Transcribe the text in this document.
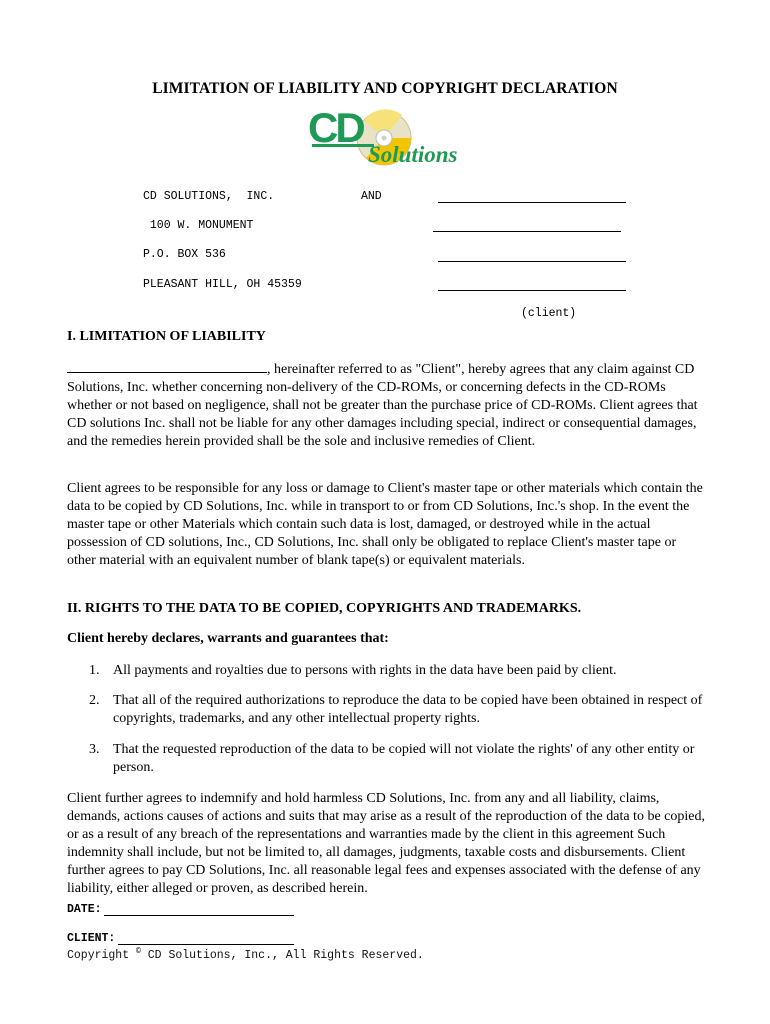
LIMITATION OF LIABILITY AND COPYRIGHT DECLARATION
CD
Solutions
CD SOLUTIONS,  INC.	AND
100 W. MONUMENT
P.O. BOX 536
PLEASANT HILL, OH 45359
(client)
I. LIMITATION OF LIABILITY
, hereinafter referred to as "Client", hereby agrees that any claim against CD Solutions, Inc. whether concerning non-delivery of the CD-ROMs, or concerning defects in the CD-ROMs whether or not based on negligence, shall not be greater than the purchase price of CD-ROMs. Client agrees that CD solutions Inc. shall not be liable for any other damages including special, indirect or consequential damages, and the remedies herein provided shall be the sole and inclusive remedies of Client.
Client agrees to be responsible for any loss or damage to Client's master tape or other materials which contain the data to be copied by CD Solutions, Inc. while in transport to or from CD Solutions, Inc.'s shop. In the event the master tape or other Materials which contain such data is lost, damaged, or destroyed while in the actual possession of CD solutions, Inc., CD Solutions, Inc. shall only be obligated to replace Client's master tape or other material with an equivalent number of blank tape(s) or equivalent materials.
II. RIGHTS TO THE DATA TO BE COPIED, COPYRIGHTS AND TRADEMARKS.
Client hereby declares, warrants and guarantees that:
1. All payments and royalties due to persons with rights in the data have been paid by client.
2. That all of the required authorizations to reproduce the data to be copied have been obtained in respect of copyrights, trademarks, and any other intellectual property rights.
3. That the requested reproduction of the data to be copied will not violate the rights' of any other entity or person.
Client further agrees to indemnify and hold harmless CD Solutions, Inc. from any and all liability, claims, demands, actions causes of actions and suits that may arise as a result of the reproduction of the data to be copied, or as a result of any breach of the representations and warranties made by the client in this agreement Such indemnity shall include, but not be limited to, all damages, judgments, taxable costs and disbursements. Client further agrees to pay CD Solutions, Inc. all reasonable legal fees and expenses associated with the defense of any liability, either alleged or proven, as described herein.
DATE:
CLIENT:
Copyright © CD Solutions, Inc., All Rights Reserved.
